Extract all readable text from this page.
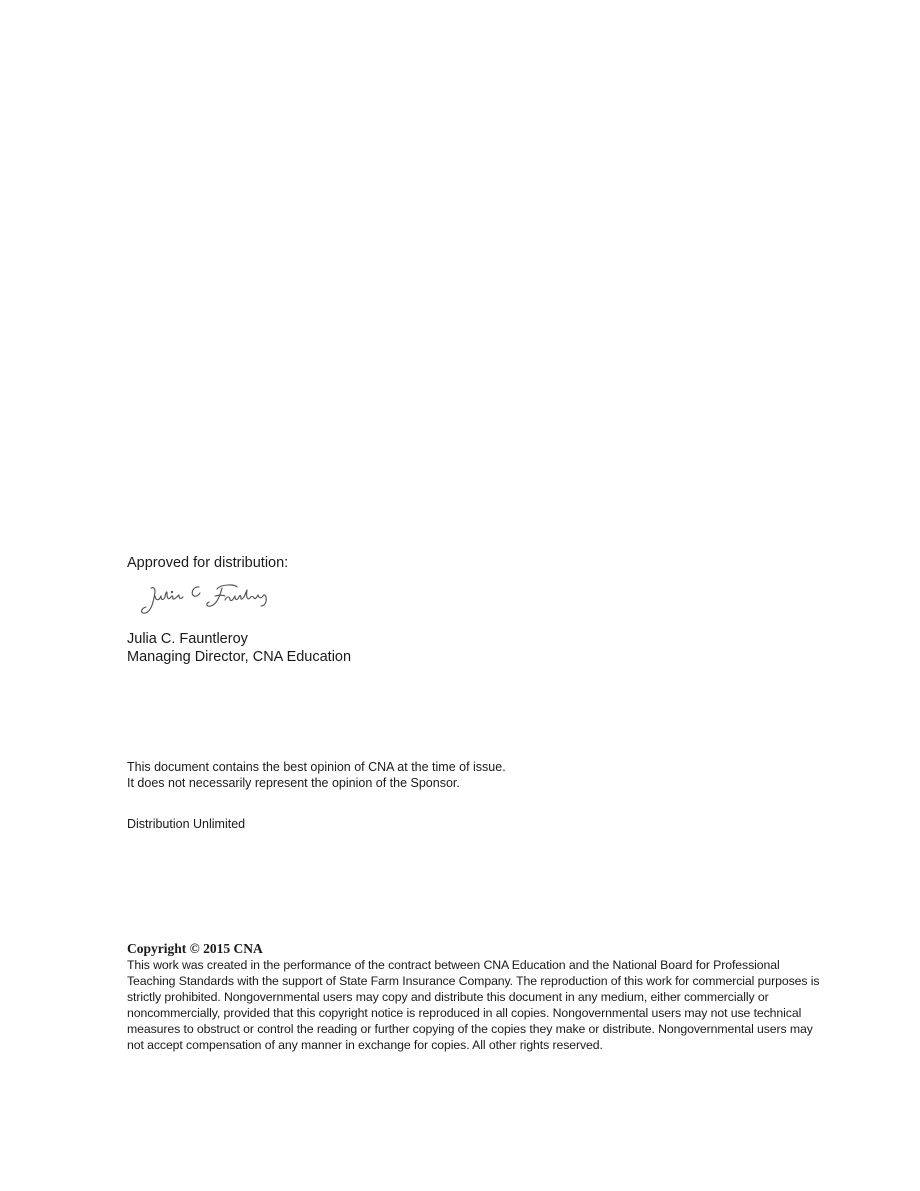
Approved for distribution:

Julia C. Fauntleroy
Managing Director, CNA Education

This document contains the best opinion of CNA at the time of issue.

It does not necessarily represent the opinion of the Sponsor.

Distribution Unlimited

Copyright © 2015 CNA

This work was created in the performance of the contract between CNA Education and the National Board for Professional Teaching Standards with the support of State Farm Insurance Company. The reproduction of this work for commercial purposes is strictly prohibited. Nongovernmental users may copy and distribute this document in any medium, either commercially or noncommercially, provided that this copyright notice is reproduced in all copies. Nongovernmental users may not use technical measures to obstruct or control the reading or further copying of the copies they make or distribute. Nongovernmental users may not accept compensation of any manner in exchange for copies. All other rights reserved.
